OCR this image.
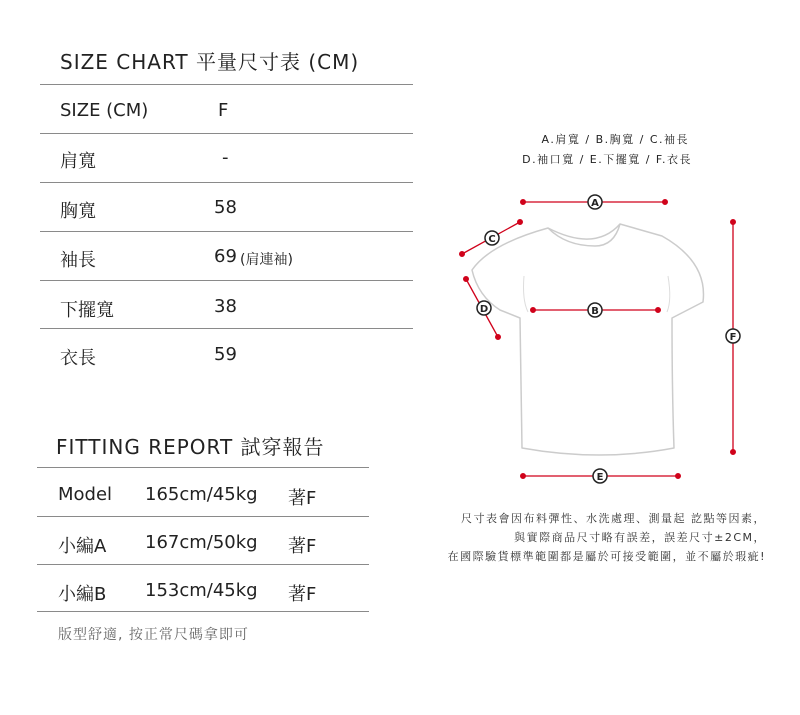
SIZE CHART 平量尺寸表 (CM)
SIZE (CM)	F
肩寬	-
胸寬	58
袖長	69 (肩連袖)
下擺寬	38
衣長	59
FITTING REPORT 試穿報告
Model 165cm/45kg 著F
小編A 167cm/50kg 著F
小編B 153cm/45kg 著F
版型舒適, 按正常尺碼拿即可
A.肩寬 / B.胸寬 / C.袖長
D.袖口寬 / E.下擺寬 / F.衣長
A
B
C
D
E
F
尺寸表會因布料彈性、水洗處理、測量起 訖點等因素，
與實際商品尺寸略有誤差，誤差尺寸±2CM，
在國際驗貨標準範圍都是屬於可接受範圍，並不屬於瑕疵!
